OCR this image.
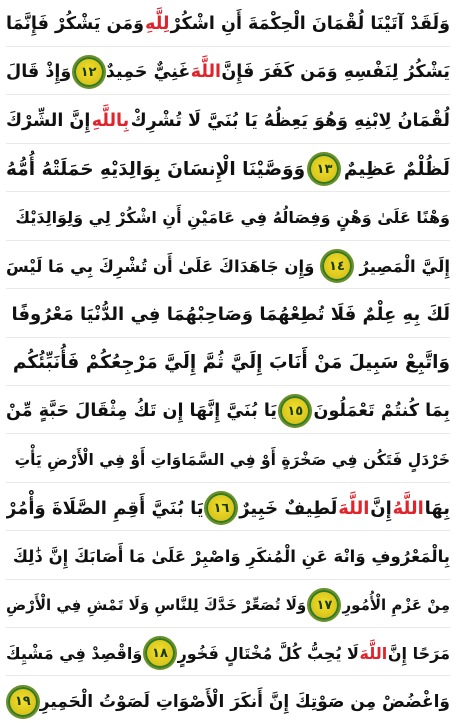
وَلَقَدْ آتَيْنَا لُقْمَانَ الْحِكْمَةَ أَنِ اشْكُرْ
لِلَّهِ
وَمَن يَشْكُرْ فَإِنَّمَا
يَشْكُرُ لِنَفْسِهِ وَمَن كَفَرَ فَإِنَّ
اللَّهَ
غَنِيٌّ حَمِيدٌ
١٢
وَإِذْ قَالَ
لُقْمَانُ لِابْنِهِ وَهُوَ يَعِظُهُ يَا بُنَيَّ لَا تُشْرِكْ
بِاللَّهِ
إِنَّ الشِّرْكَ
لَظُلْمٌ عَظِيمٌ
١٣
وَوَصَّيْنَا الْإِنسَانَ بِوَالِدَيْهِ حَمَلَتْهُ أُمُّهُ
وَهْنًا عَلَىٰ وَهْنٍ وَفِصَالُهُ فِي عَامَيْنِ أَنِ اشْكُرْ لِي وَلِوَالِدَيْكَ
إِلَيَّ الْمَصِيرُ
١٤
وَإِن جَاهَدَاكَ عَلَىٰ أَن تُشْرِكَ بِي مَا لَيْسَ
لَكَ بِهِ عِلْمٌ فَلَا تُطِعْهُمَا وَصَاحِبْهُمَا فِي الدُّنْيَا مَعْرُوفًا
وَاتَّبِعْ سَبِيلَ مَنْ أَنَابَ إِلَيَّ ثُمَّ إِلَيَّ مَرْجِعُكُمْ فَأُنَبِّئُكُم
بِمَا كُنتُمْ تَعْمَلُونَ
١٥
يَا بُنَيَّ إِنَّهَا إِن تَكُ مِثْقَالَ حَبَّةٍ مِّنْ
خَرْدَلٍ فَتَكُن فِي صَخْرَةٍ أَوْ فِي السَّمَاوَاتِ أَوْ فِي الْأَرْضِ يَأْتِ
بِهَا
اللَّهُ
إِنَّ
اللَّهَ
لَطِيفٌ خَبِيرٌ
١٦
يَا بُنَيَّ أَقِمِ الصَّلَاةَ وَأْمُرْ
بِالْمَعْرُوفِ وَانْهَ عَنِ الْمُنكَرِ وَاصْبِرْ عَلَىٰ مَا أَصَابَكَ إِنَّ ذَٰلِكَ
مِنْ عَزْمِ الْأُمُورِ
١٧
وَلَا تُصَعِّرْ خَدَّكَ لِلنَّاسِ وَلَا تَمْشِ فِي الْأَرْضِ
مَرَحًا إِنَّ
اللَّهَ
لَا يُحِبُّ كُلَّ مُخْتَالٍ فَخُورٍ
١٨
وَاقْصِدْ فِي مَشْيِكَ
وَاغْضُضْ مِن صَوْتِكَ إِنَّ أَنكَرَ الْأَصْوَاتِ لَصَوْتُ الْحَمِيرِ
١٩
